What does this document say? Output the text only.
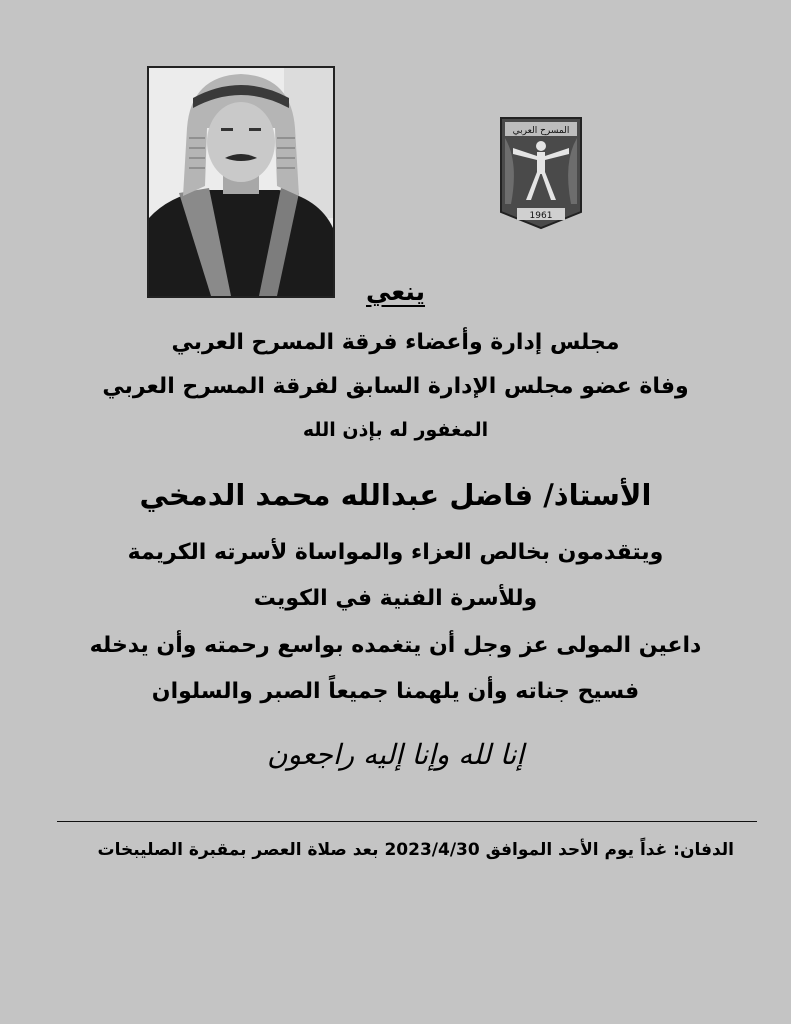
المسرح العربي
1961
ينعي
مجلس إدارة وأعضاء فرقة المسرح العربي
وفاة عضو مجلس الإدارة السابق لفرقة المسرح العربي
المغفور له بإذن الله
الأستاذ/ فاضل عبدالله محمد الدمخي
ويتقدمون بخالص العزاء والمواساة لأسرته الكريمة
وللأسرة الفنية في الكويت
داعين المولى عز وجل أن يتغمده بواسع رحمته وأن يدخله
فسيح جناته وأن يلهمنا جميعاً الصبر والسلوان
إنا لله وإنا إليه راجعون
الدفان: غداً يوم الأحد الموافق 2023/4/30 بعد صلاة العصر بمقبرة الصليبخات
